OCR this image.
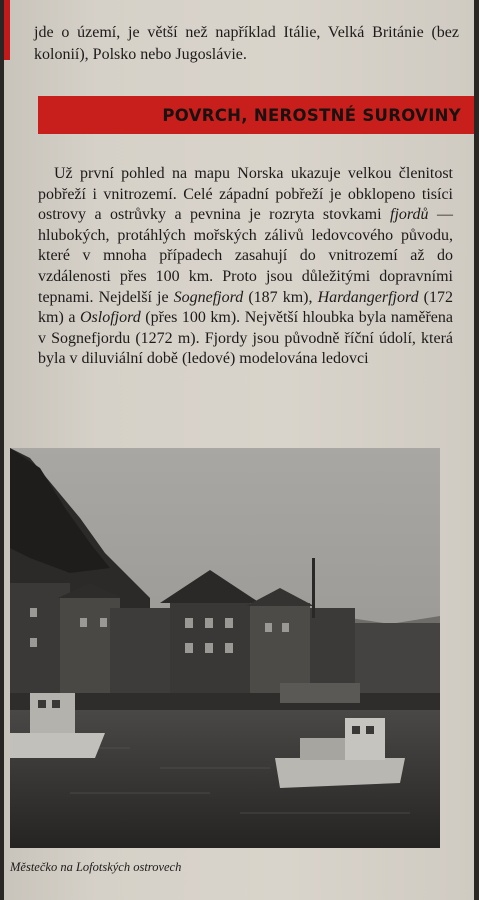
jde o území, je větší než například Itálie, Velká Británie (bez kolonií), Polsko nebo Jugoslávie.
POVRCH, NEROSTNÉ SUROVINY

Už první pohled na mapu Norska ukazuje velkou členitost pobřeží i vnitrozemí. Celé západní pobřeží je obklopeno tisíci ostrovy a ostrůvky a pevnina je rozryta stovkami fjordů — hlubokých, protáhlých mořských zálivů ledovcového původu, které v mnoha případech zasahují do vnitrozemí až do vzdálenosti přes 100 km. Proto jsou důležitými dopravními tepnami. Nejdelší je Sognefjord (187 km), Hardangerfjord (172 km) a Oslofjord (přes 100 km). Největší hloubka byla naměřena v Sognefjordu (1272 m). Fjordy jsou původně říční údolí, která byla v diluviální době (ledové) modelována ledovci

Městečko na Lofotských ostrovech
